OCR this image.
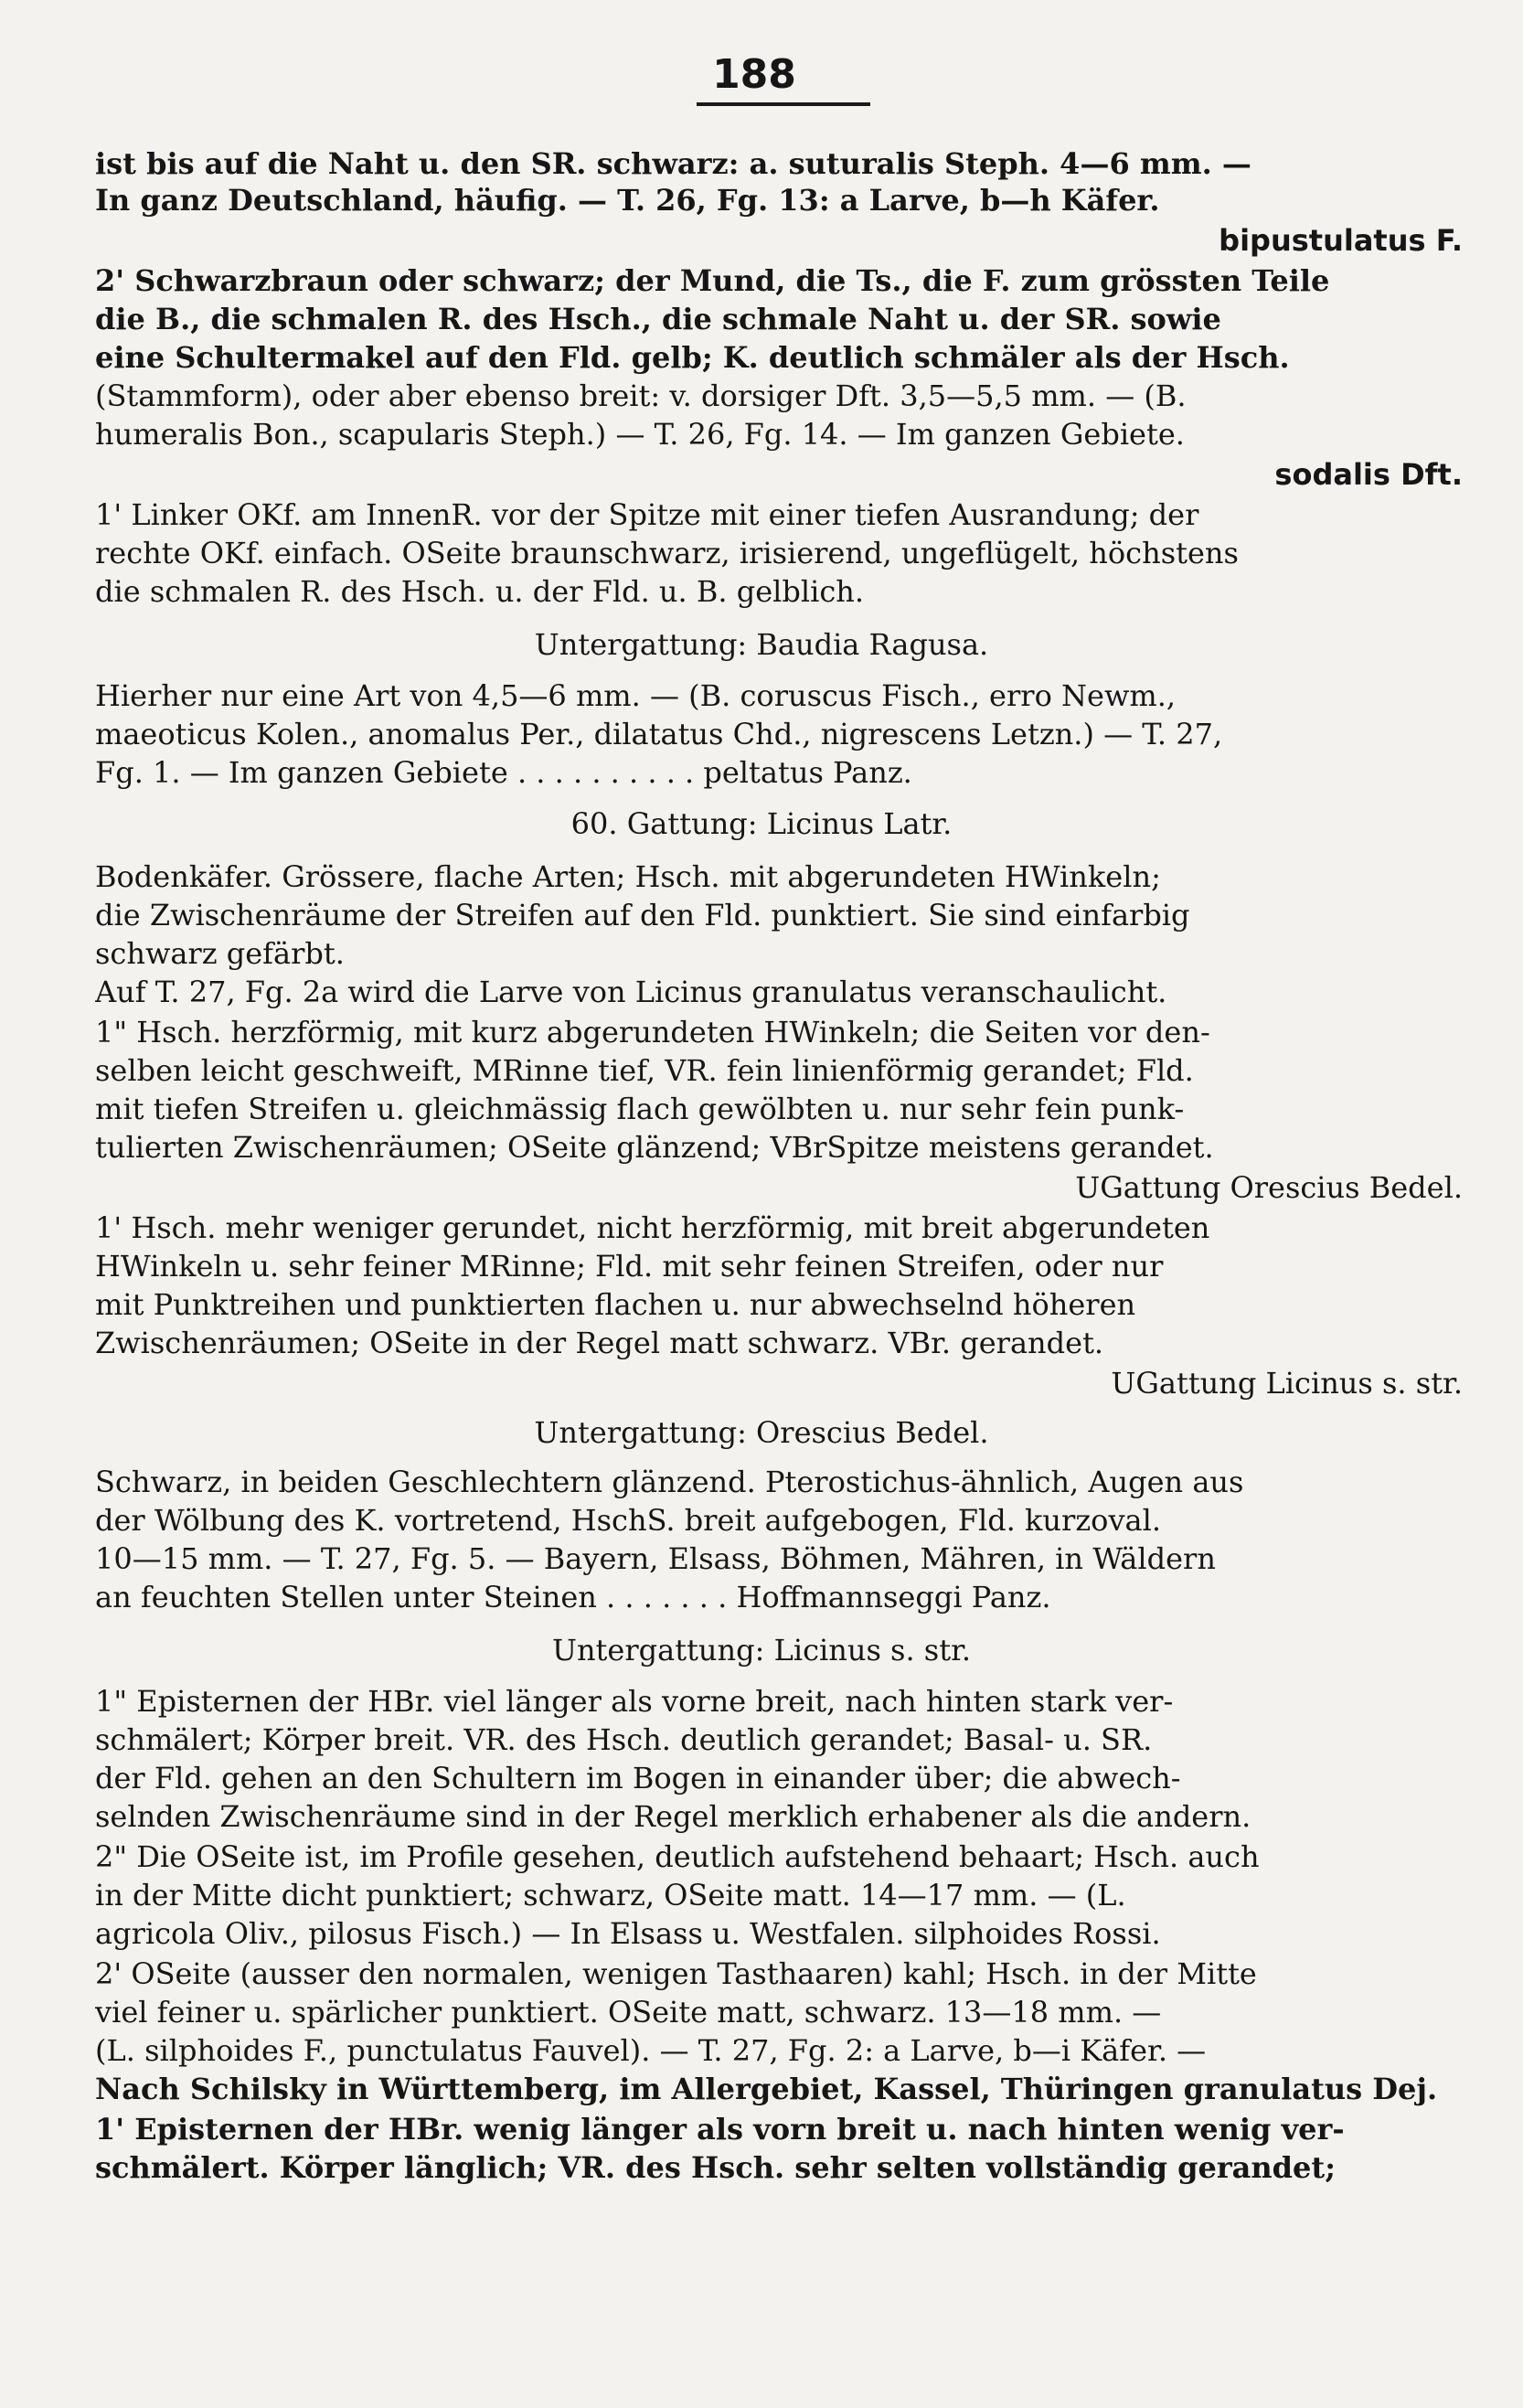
188
ist bis auf die Naht u. den SR. schwarz: a. suturalis Steph. 4—6 mm. —
In ganz Deutschland, häufig. — T. 26, Fg. 13: a Larve, b—h Käfer.
bipustulatus F.
2' Schwarzbraun oder schwarz; der Mund, die Ts., die F. zum grössten Teile
die B., die schmalen R. des Hsch., die schmale Naht u. der SR. sowie
eine Schultermakel auf den Fld. gelb; K. deutlich schmäler als der Hsch.
(Stammform), oder aber ebenso breit: v. dorsiger Dft. 3,5—5,5 mm. — (B.
humeralis Bon., scapularis Steph.) — T. 26, Fg. 14. — Im ganzen Gebiete.
sodalis Dft.
1' Linker OKf. am InnenR. vor der Spitze mit einer tiefen Ausrandung; der
rechte OKf. einfach. OSeite braunschwarz, irisierend, ungeflügelt, höchstens
die schmalen R. des Hsch. u. der Fld. u. B. gelblich.
Untergattung: Baudia Ragusa.
Hierher nur eine Art von 4,5—6 mm. — (B. coruscus Fisch., erro Newm.,
maeoticus Kolen., anomalus Per., dilatatus Chd., nigrescens Letzn.) — T. 27,
Fg. 1. — Im ganzen Gebiete . . . . . . . . . . peltatus Panz.
60. Gattung: Licinus Latr.
Bodenkäfer. Grössere, flache Arten; Hsch. mit abgerundeten HWinkeln;
die Zwischenräume der Streifen auf den Fld. punktiert. Sie sind einfarbig
schwarz gefärbt.
Auf T. 27, Fg. 2a wird die Larve von Licinus granulatus veranschaulicht.
1" Hsch. herzförmig, mit kurz abgerundeten HWinkeln; die Seiten vor den-
selben leicht geschweift, MRinne tief, VR. fein linienförmig gerandet; Fld.
mit tiefen Streifen u. gleichmässig flach gewölbten u. nur sehr fein punk-
tulierten Zwischenräumen; OSeite glänzend; VBrSpitze meistens gerandet.
UGattung Orescius Bedel.
1' Hsch. mehr weniger gerundet, nicht herzförmig, mit breit abgerundeten
HWinkeln u. sehr feiner MRinne; Fld. mit sehr feinen Streifen, oder nur
mit Punktreihen und punktierten flachen u. nur abwechselnd höheren
Zwischenräumen; OSeite in der Regel matt schwarz. VBr. gerandet.
UGattung Licinus s. str.
Untergattung: Orescius Bedel.
Schwarz, in beiden Geschlechtern glänzend. Pterostichus-ähnlich, Augen aus
der Wölbung des K. vortretend, HschS. breit aufgebogen, Fld. kurzoval.
10—15 mm. — T. 27, Fg. 5. — Bayern, Elsass, Böhmen, Mähren, in Wäldern
an feuchten Stellen unter Steinen . . . . . . . Hoffmannseggi Panz.
Untergattung: Licinus s. str.
1" Episternen der HBr. viel länger als vorne breit, nach hinten stark ver-
schmälert; Körper breit. VR. des Hsch. deutlich gerandet; Basal- u. SR.
der Fld. gehen an den Schultern im Bogen in einander über; die abwech-
selnden Zwischenräume sind in der Regel merklich erhabener als die andern.
2" Die OSeite ist, im Profile gesehen, deutlich aufstehend behaart; Hsch. auch
in der Mitte dicht punktiert; schwarz, OSeite matt. 14—17 mm. — (L.
agricola Oliv., pilosus Fisch.) — In Elsass u. Westfalen. silphoides Rossi.
2' OSeite (ausser den normalen, wenigen Tasthaaren) kahl; Hsch. in der Mitte
viel feiner u. spärlicher punktiert. OSeite matt, schwarz. 13—18 mm. —
(L. silphoides F., punctulatus Fauvel). — T. 27, Fg. 2: a Larve, b—i Käfer. —
Nach Schilsky in Württemberg, im Allergebiet, Kassel, Thüringen granulatus Dej.
1' Episternen der HBr. wenig länger als vorn breit u. nach hinten wenig ver-
schmälert. Körper länglich; VR. des Hsch. sehr selten vollständig gerandet;
